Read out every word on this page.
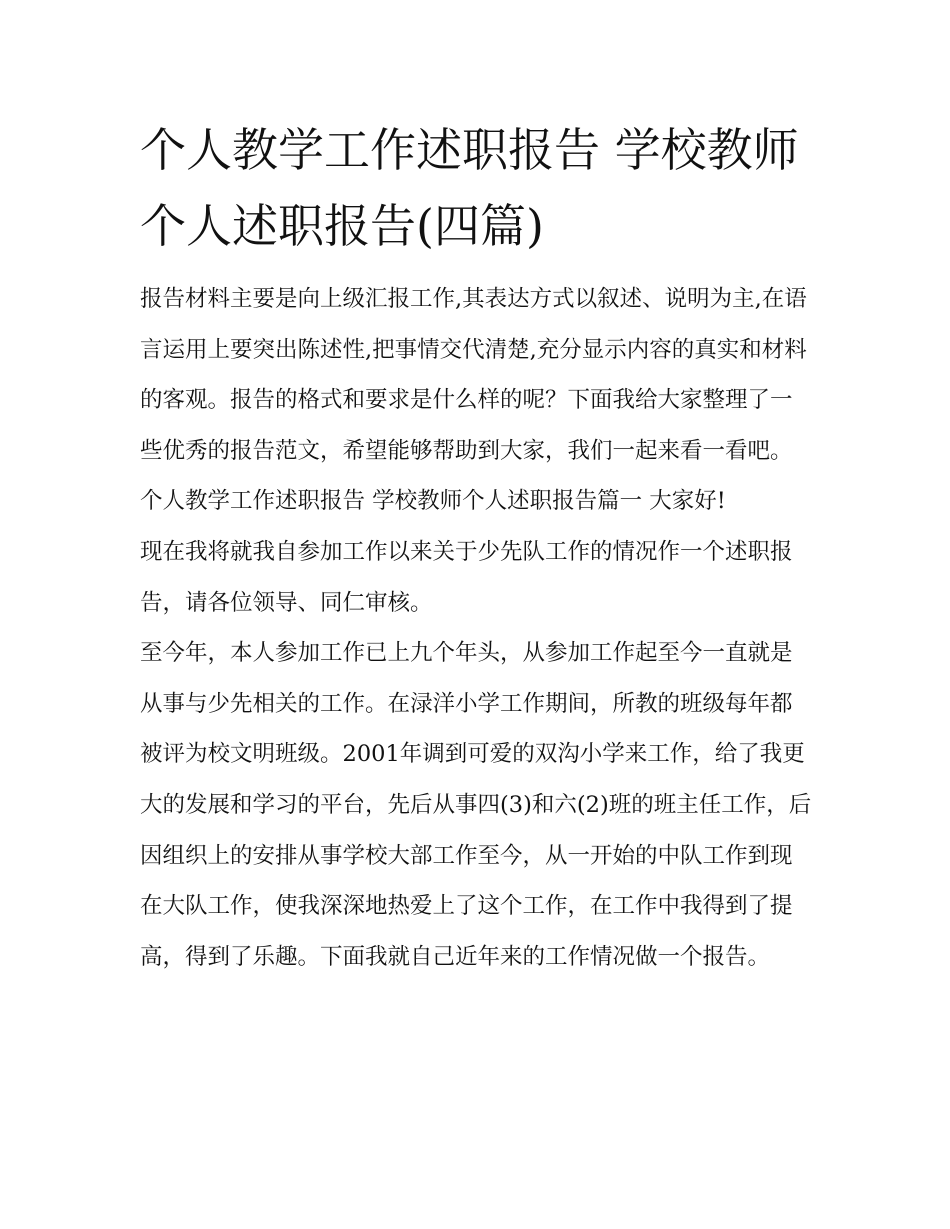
个人教学工作述职报告 学校教师个人述职报告(四篇)

报告材料主要是向上级汇报工作,其表达方式以叙述、说明为主,在语言运用上要突出陈述性,把事情交代清楚,充分显示内容的真实和材料的客观。报告的格式和要求是什么样的呢？下面我给大家整理了一些优秀的报告范文，希望能够帮助到大家，我们一起来看一看吧。

个人教学工作述职报告 学校教师个人述职报告篇一 大家好!

现在我将就我自参加工作以来关于少先队工作的情况作一个述职报告，请各位领导、同仁审核。

至今年，本人参加工作已上九个年头，从参加工作起至今一直就是从事与少先相关的工作。在渌洋小学工作期间，所教的班级每年都被评为校文明班级。2001年调到可爱的双沟小学来工作，给了我更大的发展和学习的平台，先后从事四(3)和六(2)班的班主任工作，后因组织上的安排从事学校大部工作至今，从一开始的中队工作到现在大队工作，使我深深地热爱上了这个工作，在工作中我得到了提高，得到了乐趣。下面我就自己近年来的工作情况做一个报告。
